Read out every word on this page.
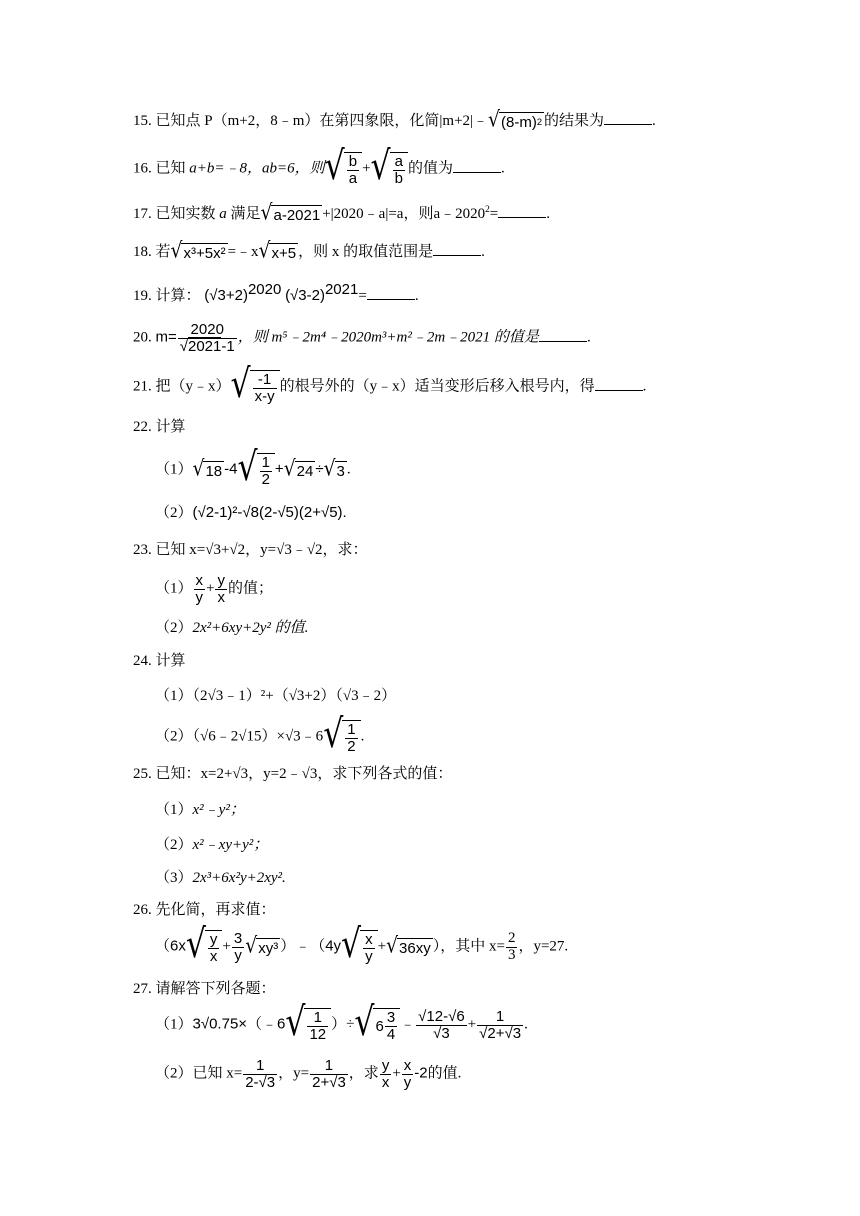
15. 已知点 P（m+2，8﹣m）在第四象限，化简|m+2|﹣ √ (8-m) 2 的结果为	.
16. 已知 a+b=﹣8，ab=6，则 √ $\frac{b}{a}$ + √ $\frac{a}{b}$ 的值为	.
17. 已知实数 a 满足 √ a-2021 +|2020﹣a|=a，则$a﹣2020^2=$	.
18. 若 √ x³+5x² =﹣x √ x+5 ，则 x 的取值范围是	.
19. 计算： $(√3+2)^{2020}$ $(√3-2)^{2021}=$	.
20. $m= \frac{2020}{√2021-1}$ ，则 m⁵﹣2m⁴﹣2020m³+m²﹣2m﹣2021 的值是	.
21. 把（y﹣x） √ $\frac{-1}{x-y}$ 的根号外的（y﹣x）适当变形后移入根号内，得	.
22. 计算
（1） √ 18 -4 √ $\frac{1}{2}$ + √ 24 ÷ √ 3 .
（2）(√2-1)²-√8(2-√5)(2+√5).
23. 已知 x=√3+√2，y=√3﹣√2，求：
$(1) \frac{x}{y} + \frac{y}{x}$ 的值；
（2）2x²+6xy+2y² 的值.
24. 计算
（1）（2√3﹣1）²+（√3+2）（√3﹣2）
（2）（√6﹣2√15）×√3﹣6 √ $\frac{1}{2}$ .
25. 已知：x=2+√3，y=2﹣√3，求下列各式的值：
（1）x²﹣y²；
（2）x²﹣xy+y²；
（3）2x³+6x²y+2xy².
26. 先化简，再求值：
（6x √ $\frac{y}{x} + \frac{3}{y}$ √ xy³ ）﹣（4y √ $\frac{x}{y}$ + √ 36xy ），其中 $x= \frac{2}{3}$ ，y=27.
27. 请解答下列各题：
（1）3√0.75×（﹣6 √ $\frac{1}{12}$ ）÷ √ $6 \frac{3}{4}$ ﹣ $\frac{√12-√6}{√3} + \frac{1}{√2+√3}$ .
（2）已知 $x= \frac{1}{2-√3}$ ，$y= \frac{1}{2+√3}$ ，求 $\frac{y}{x} + \frac{x}{y} -2$的值.
